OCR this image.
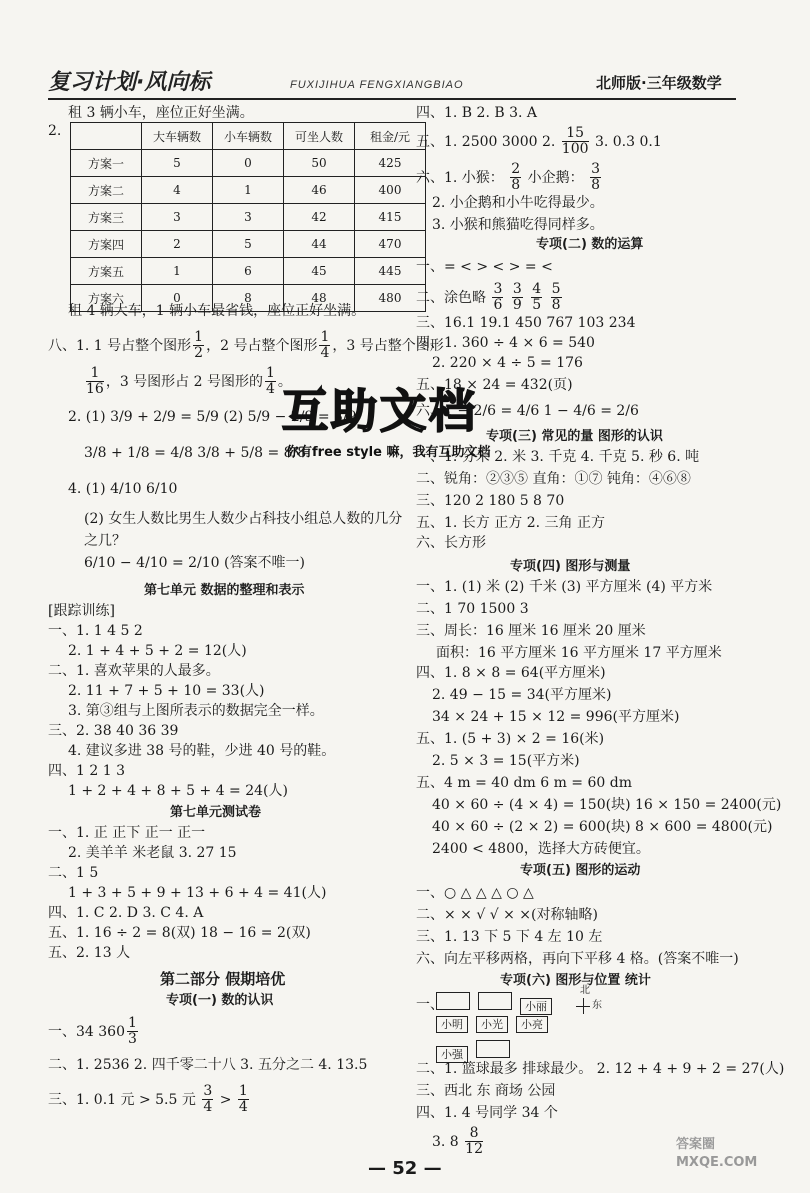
复习计划·风向标	FUXIJIHUA FENGXIANGBIAO	北师版·三年级数学
租 3 辆小车，座位正好坐满。
2.
		大车辆数	小车辆数	可坐人数	租金/元
方案一	5	0	50	425
方案二	4	1	46	400
方案三	3	3	42	415
方案四	2	5	44	470
方案五	1	6	45	445
方案六	0	8	48	480
租 4 辆大车，1 辆小车最省钱，座位正好坐满。
八、1. 1 号占整个图形 $\frac{1}{2}$ ，2 号占整个图形 $\frac{1}{4}$ ，3 号占整个图形
$\frac{1}{16}$ ，3 号图形占 2 号图形的 $\frac{1}{4}$ 。
2. (1) 3/9 + 2/9 = 5/9 (2) 5/9 − 2/9 = 3/9
3/8 + 1/8 = 4/8 3/8 + 5/8 = 8/8
4. (1) 4/10 6/10
(2) 女生人数比男生人数少占科技小组总人数的几分
之几？
6/10 − 4/10 = 2/10 (答案不唯一)
第七单元 数据的整理和表示
[跟踪训练]
一、1. 1 4 5 2
2. 1 + 4 + 5 + 2 = 12(人)
二、1. 喜欢苹果的人最多。
2. 11 + 7 + 5 + 10 = 33(人)
3. 第③组与上图所表示的数据完全一样。
三、2. 38 40 36 39
4. 建议多进 38 号的鞋，少进 40 号的鞋。
四、1 2 1 3
1 + 2 + 4 + 8 + 5 + 4 = 24(人)
第七单元测试卷
一、1. 正 正下 正一 正一
2. 美羊羊 米老鼠 3. 27 15
二、1 5
1 + 3 + 5 + 9 + 13 + 6 + 4 = 41(人)
四、1. C 2. D 3. C 4. A
五、1. 16 ÷ 2 = 8(双) 18 − 16 = 2(双)
五、2. 13 人
第二部分 假期培优
专项(一) 数的认识
一、34 $360 \frac{1}{3}$
二、1. 2536 2. 四千零二十八 3. 五分之二 4. 13.5
三、1. 0.1 元 > 5.5 元 $\frac{3}{4} > \frac{1}{4}$
四、1. B 2. B 3. A
五、1. 2500 3000 2. $\frac{15}{100} 3$. 0.3 0.1
六、1. 小猴： $\frac{2}{8}$ 小企鹅： $\frac{3}{8}$
2. 小企鹅和小牛吃得最少。
3. 小猴和熊猫吃得同样多。
专项(二) 数的运算
一、= < > < > = <
二、涂色略 $\frac{3}{6}$
$\frac{3}{9}$
$\frac{4}{5}$
$\frac{5}{8}$
三、16.1 19.1 450 767 103 234
四、1. 360 ÷ 4 × 6 = 540
2. 220 × 4 ÷ 5 = 176
五、18 × 24 = 432(页)
六、1 − 2/6 = 4/6 1 − 4/6 = 2/6
专项(三) 常见的量 图形的认识
一、1. 分米 2. 米 3. 千克 4. 千克 5. 秒 6. 吨
二、锐角：②③⑤ 直角：①⑦ 钝角：④⑥⑧
三、120 2 180 5 8 70
五、1. 长方 正方 2. 三角 正方
六、长方形
专项(四) 图形与测量
一、1. (1) 米 (2) 千米 (3) 平方厘米 (4) 平方米
二、1 70 1500 3
三、周长：16 厘米 16 厘米 20 厘米
面积：16 平方厘米 16 平方厘米 17 平方厘米
四、1. 8 × 8 = 64(平方厘米)
2. 49 − 15 = 34(平方厘米)
34 × 24 + 15 × 12 = 996(平方厘米)
五、1. (5 + 3) × 2 = 16(米)
2. 5 × 3 = 15(平方米)
五、4 m = 40 dm 6 m = 60 dm
40 × 60 ÷ (4 × 4) = 150(块) 16 × 150 = 2400(元)
40 × 60 ÷ (2 × 2) = 600(块) 8 × 600 = 4800(元)
2400 < 4800，选择大方砖便宜。
专项(五) 图形的运动
一、○ △ △ △ ○ △
二、× × √ √ × ×(对称轴略)
三、1. 13 下 5 下 4 左 10 左
六、向左平移两格，再向下平移 4 格。(答案不唯一)
专项(六) 图形与位置 统计
一、	小丽
小明 小光 小亮
小强
北
东
二、1. 篮球最多 排球最少。 2. 12 + 4 + 9 + 2 = 27(人)
三、西北 东 商场 公园
四、1. 4 号同学 34 个
3. $8 \frac{8}{12}$
互助文档
你有free style 嘛，我有互助文档
— 52 —
答案圈
MXQE.COM
